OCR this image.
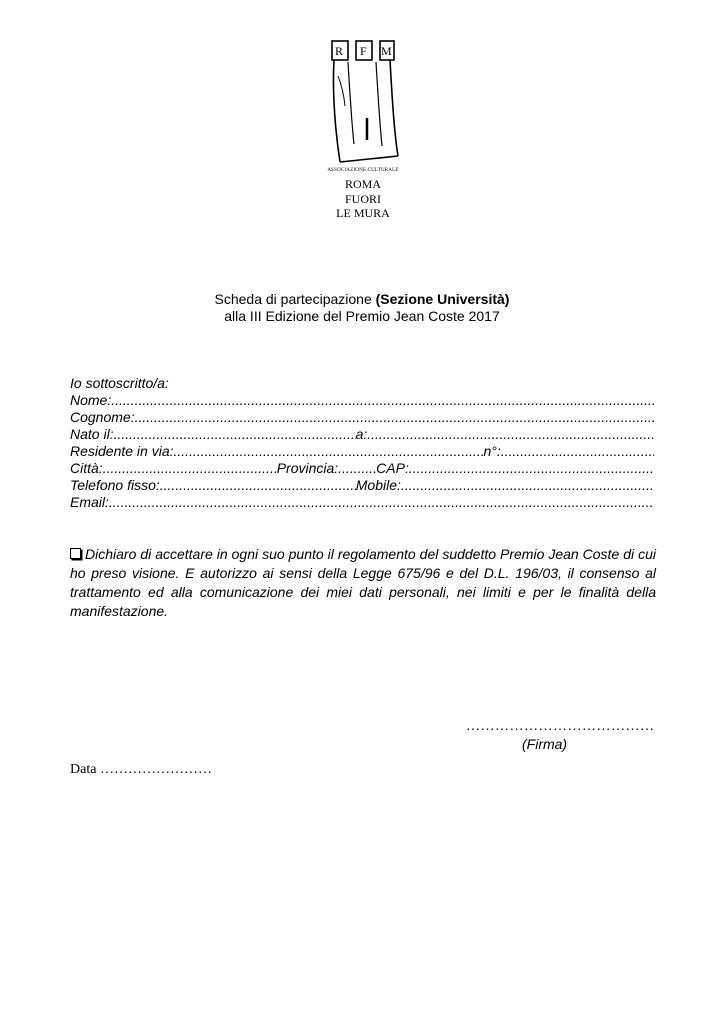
R F M
ASSOCIAZIONE CULTURALE
ROMA
FUORI
LE MURA
Scheda di partecipazione (Sezione Università)
alla III Edizione del Premio Jean Coste 2017
Io sottoscritto/a:
Nome:
.....
Cognome:
.....
Nato il: .....	a:
.....
Residente in via: .....	n°:
.....
Città: .....	Provincia: .....	CAP:
.....
Telefono fisso: .....	Mobile:
.....
Email:
.....
Dichiaro di accettare in ogni suo punto il regolamento del suddetto Premio Jean Coste di cui ho preso visione. E autorizzo ai sensi della Legge 675/96 e del D.L. 196/03, il consenso al trattamento ed alla comunicazione dei miei dati personali, nei limiti e per le finalità della manifestazione.
…………………………………
(Firma)
Data ……………………
